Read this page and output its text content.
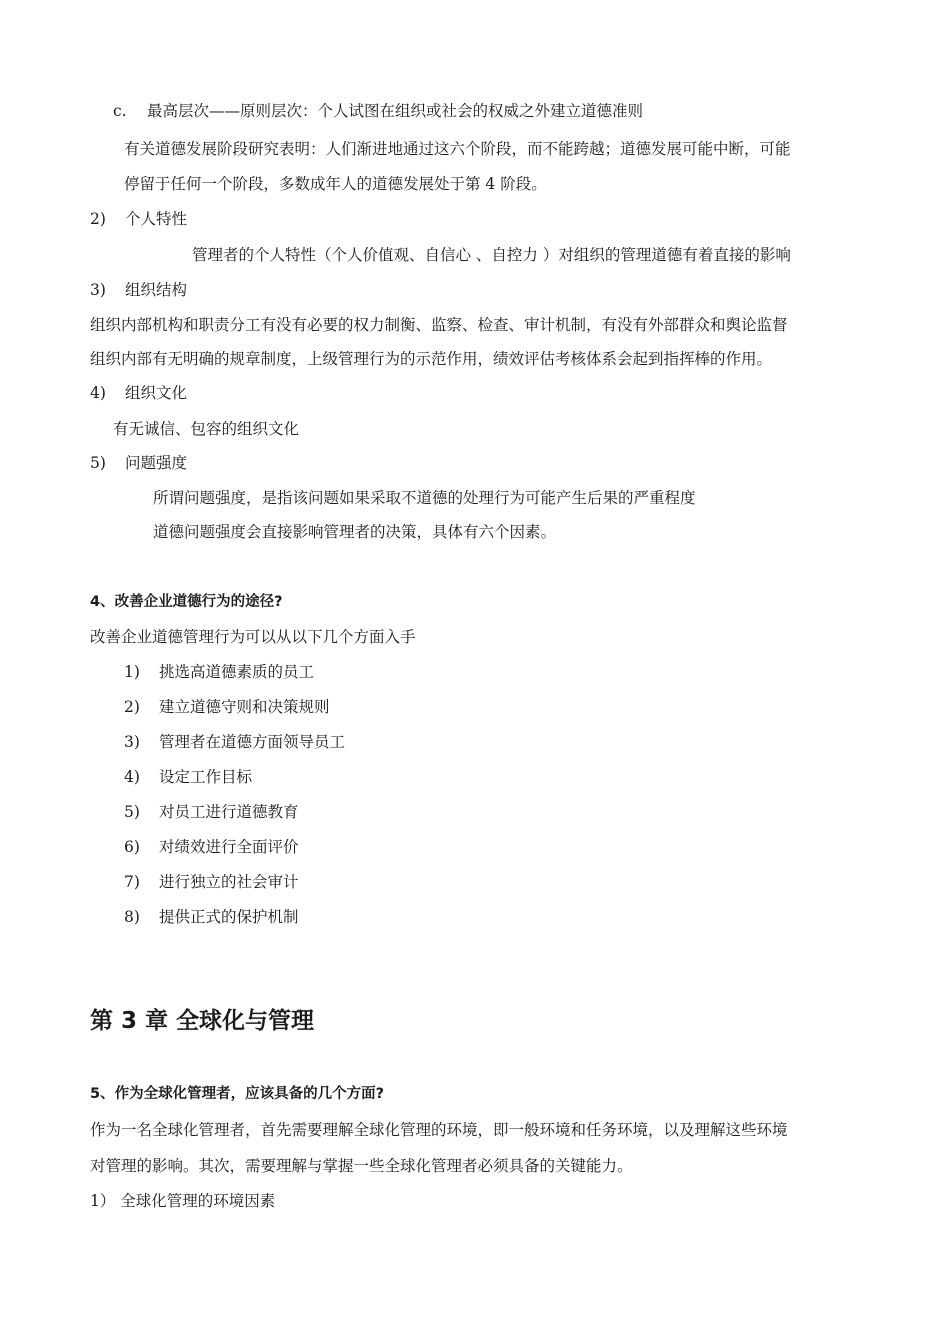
c. 最高层次——原则层次：个人试图在组织或社会的权威之外建立道德准则
有关道德发展阶段研究表明：人们渐进地通过这六个阶段，而不能跨越；道德发展可能中断，可能
停留于任何一个阶段，多数成年人的道德发展处于第 4 阶段。
2) 个人特性
管理者的个人特性（个人价值观、自信心 、自控力 ）对组织的管理道德有着直接的影响
3) 组织结构
组织内部机构和职责分工有没有必要的权力制衡、监察、检查、审计机制，有没有外部群众和舆论监督
组织内部有无明确的规章制度，上级管理行为的示范作用，绩效评估考核体系会起到指挥棒的作用。
4) 组织文化
有无诚信、包容的组织文化
5) 问题强度
所谓问题强度，是指该问题如果采取不道德的处理行为可能产生后果的严重程度
道德问题强度会直接影响管理者的决策，具体有六个因素。
4、改善企业道德行为的途径?
改善企业道德管理行为可以从以下几个方面入手
1) 挑选高道德素质的员工
2) 建立道德守则和决策规则
3) 管理者在道德方面领导员工
4) 设定工作目标
5) 对员工进行道德教育
6) 对绩效进行全面评价
7) 进行独立的社会审计
8) 提供正式的保护机制
第 3 章 全球化与管理
5、作为全球化管理者，应该具备的几个方面?
作为一名全球化管理者，首先需要理解全球化管理的环境，即一般环境和任务环境，以及理解这些环境
对管理的影响。其次，需要理解与掌握一些全球化管理者必须具备的关键能力。
1） 全球化管理的环境因素
